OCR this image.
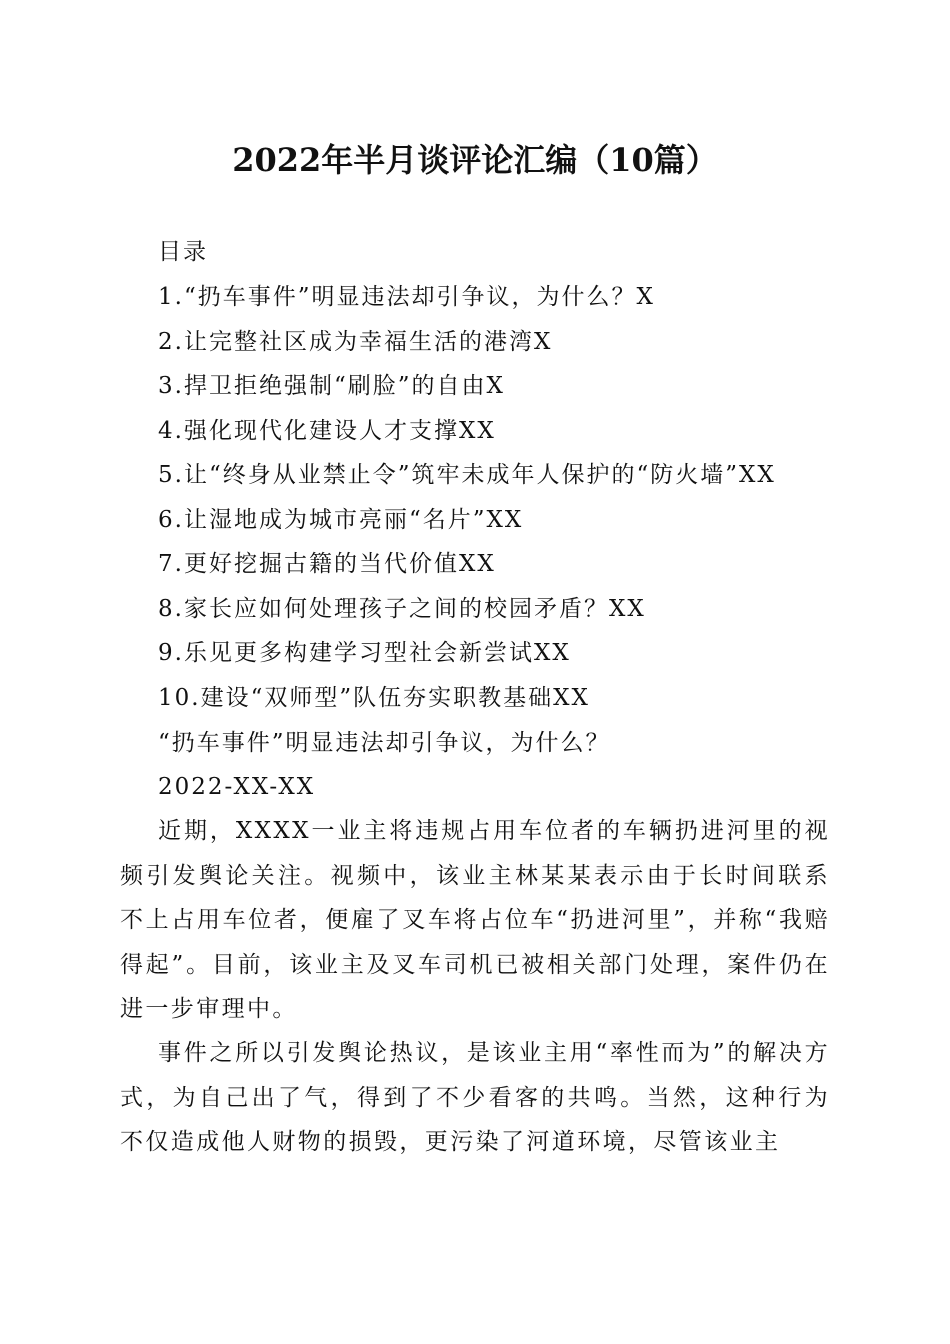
2022年半月谈评论汇编（10篇）
目录
1.“扔车事件”明显违法却引争议，为什么？X
2.让完整社区成为幸福生活的港湾X
3.捍卫拒绝强制“刷脸”的自由X
4.强化现代化建设人才支撑XX
5.让“终身从业禁止令”筑牢未成年人保护的“防火墙”XX
6.让湿地成为城市亮丽“名片”XX
7.更好挖掘古籍的当代价值XX
8.家长应如何处理孩子之间的校园矛盾？XX
9.乐见更多构建学习型社会新尝试XX
10.建设“双师型”队伍夯实职教基础XX
“扔车事件”明显违法却引争议，为什么？
2022-XX-XX
近期，XXXX一业主将违规占用车位者的车辆扔进河里的视频引发舆论关注。视频中，该业主林某某表示由于长时间联系不上占用车位者，便雇了叉车将占位车“扔进河里”，并称“我赔得起”。目前，该业主及叉车司机已被相关部门处理，案件仍在进一步审理中。
事件之所以引发舆论热议，是该业主用“率性而为”的解决方式，为自己出了气，得到了不少看客的共鸣。当然，这种行为不仅造成他人财物的损毁，更污染了河道环境，尽管该业主
